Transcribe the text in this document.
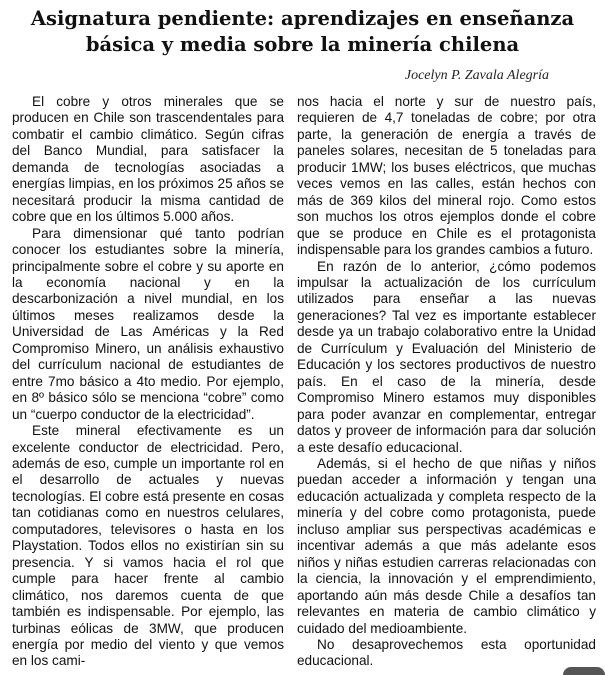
Asignatura pendiente: aprendizajes en enseñanza
básica y media sobre la minería chilena
Jocelyn P. Zavala Alegría

El cobre y otros minerales que se producen en Chile son trascendentales para combatir el cambio climático. Según cifras del Banco Mundial, para satisfacer la demanda de tecnologías asociadas a energías limpias, en los próximos 25 años se necesitará producir la misma cantidad de cobre que en los últimos 5.000 años.

Para dimensionar qué tanto podrían conocer los estudiantes sobre la minería, principalmente sobre el cobre y su aporte en la economía nacional y en la descarbonización a nivel mundial, en los últimos meses realizamos desde la Universidad de Las Américas y la Red Compromiso Minero, un análisis exhaustivo del currículum nacional de estudiantes de entre 7mo básico a 4to medio. Por ejemplo, en 8º básico sólo se menciona “cobre” como un “cuerpo conductor de la electricidad”.

Este mineral efectivamente es un excelente conductor de electricidad. Pero, además de eso, cumple un importante rol en el desarrollo de actuales y nuevas tecnologías. El cobre está presente en cosas tan cotidianas como en nuestros celulares, computadores, televisores o hasta en los Playstation. Todos ellos no existirían sin su presencia. Y si vamos hacia el rol que cumple para hacer frente al cambio climático, nos daremos cuenta de que también es indispensable. Por ejemplo, las turbinas eólicas de 3MW, que producen energía por medio del viento y que vemos en los cami-

nos hacia el norte y sur de nuestro país, requieren de 4,7 toneladas de cobre; por otra parte, la generación de energía a través de paneles solares, necesitan de 5 toneladas para producir 1MW; los buses eléctricos, que muchas veces vemos en las calles, están hechos con más de 369 kilos del mineral rojo. Como estos son muchos los otros ejemplos donde el cobre que se produce en Chile es el protagonista indispensable para los grandes cambios a futuro.

En razón de lo anterior, ¿cómo podemos impulsar la actualización de los currículum utilizados para enseñar a las nuevas generaciones? Tal vez es importante establecer desde ya un trabajo colaborativo entre la Unidad de Currículum y Evaluación del Ministerio de Educación y los sectores productivos de nuestro país. En el caso de la minería, desde Compromiso Minero estamos muy disponibles para poder avanzar en complementar, entregar datos y proveer de información para dar solución a este desafío educacional.

Además, si el hecho de que niñas y niños puedan acceder a información y tengan una educación actualizada y completa respecto de la minería y del cobre como protagonista, puede incluso ampliar sus perspectivas académicas e incentivar además a que más adelante esos niños y niñas estudien carreras relacionadas con la ciencia, la innovación y el emprendimiento, aportando aún más desde Chile a desafíos tan relevantes en materia de cambio climático y cuidado del medioambiente.

No desaprovechemos esta oportunidad educacional.
